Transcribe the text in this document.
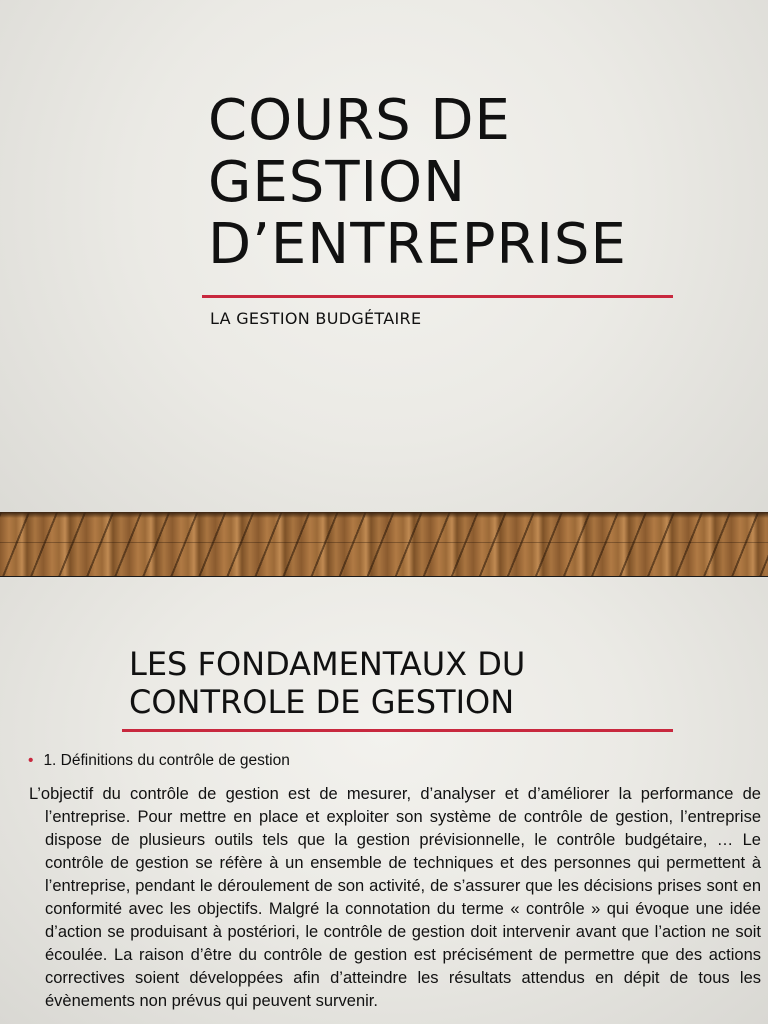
COURS DE GESTION D’ENTREPRISE

LA GESTION BUDGÉTAIRE

LES FONDAMENTAUX DU CONTROLE DE GESTION

• 1. Définitions du contrôle de gestion

L’objectif du contrôle de gestion est de mesurer, d’analyser et d’améliorer la performance de l’entreprise. Pour mettre en place et exploiter son système de contrôle de gestion, l’entreprise dispose de plusieurs outils tels que la gestion prévisionnelle, le contrôle budgétaire, … Le contrôle de gestion se réfère à un ensemble de techniques et des personnes qui permettent à l’entreprise, pendant le déroulement de son activité, de s’assurer que les décisions prises sont en conformité avec les objectifs. Malgré la connotation du terme « contrôle » qui évoque une idée d’action se produisant à postériori, le contrôle de gestion doit intervenir avant que l’action ne soit écoulée. La raison d’être du contrôle de gestion est précisément de permettre que des actions correctives soient développées afin d’atteindre les résultats attendus en dépit de tous les évènements non prévus qui peuvent survenir.
